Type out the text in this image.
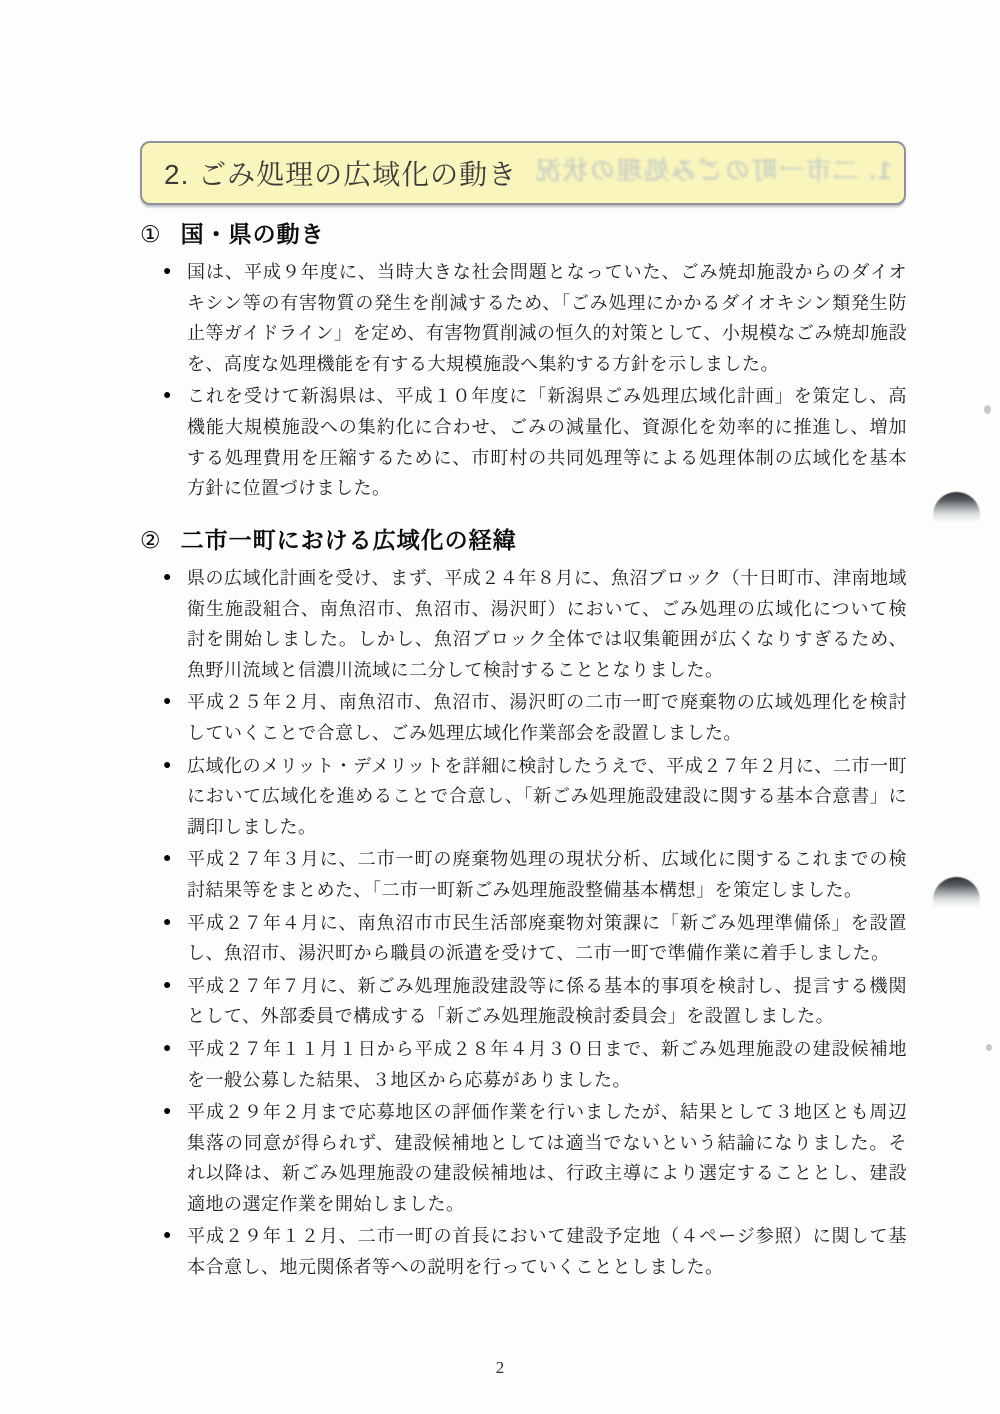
1. 二市一町のごみ処理の状況
2. ごみ処理の広域化の動き
① 国・県の動き
● 国は、平成９年度に、当時大きな社会問題となっていた、ごみ焼却施設からのダイオキシン等の有害物質の発生を削減するため、「ごみ処理にかかるダイオキシン類発生防止等ガイドライン」を定め、有害物質削減の恒久的対策として、小規模なごみ焼却施設を、高度な処理機能を有する大規模施設へ集約する方針を示しました。

● これを受けて新潟県は、平成１０年度に「新潟県ごみ処理広域化計画」を策定し、高機能大規模施設への集約化に合わせ、ごみの減量化、資源化を効率的に推進し、増加する処理費用を圧縮するために、市町村の共同処理等による処理体制の広域化を基本方針に位置づけました。

② 二市一町における広域化の経緯
● 県の広域化計画を受け、まず、平成２４年８月に、魚沼ブロック（十日町市、津南地域衛生施設組合、南魚沼市、魚沼市、湯沢町）において、ごみ処理の広域化について検討を開始しました。しかし、魚沼ブロック全体では収集範囲が広くなりすぎるため、魚野川流域と信濃川流域に二分して検討することとなりました。

● 平成２５年２月、南魚沼市、魚沼市、湯沢町の二市一町で廃棄物の広域処理化を検討していくことで合意し、ごみ処理広域化作業部会を設置しました。

● 広域化のメリット・デメリットを詳細に検討したうえで、平成２７年２月に、二市一町において広域化を進めることで合意し、「新ごみ処理施設建設に関する基本合意書」に調印しました。

● 平成２７年３月に、二市一町の廃棄物処理の現状分析、広域化に関するこれまでの検討結果等をまとめた、「二市一町新ごみ処理施設整備基本構想」を策定しました。

● 平成２７年４月に、南魚沼市市民生活部廃棄物対策課に「新ごみ処理準備係」を設置し、魚沼市、湯沢町から職員の派遣を受けて、二市一町で準備作業に着手しました。

● 平成２７年７月に、新ごみ処理施設建設等に係る基本的事項を検討し、提言する機関として、外部委員で構成する「新ごみ処理施設検討委員会」を設置しました。

● 平成２７年１１月１日から平成２８年４月３０日まで、新ごみ処理施設の建設候補地を一般公募した結果、３地区から応募がありました。

● 平成２９年２月まで応募地区の評価作業を行いましたが、結果として３地区とも周辺集落の同意が得られず、建設候補地としては適当でないという結論になりました。それ以降は、新ごみ処理施設の建設候補地は、行政主導により選定することとし、建設適地の選定作業を開始しました。

● 平成２９年１２月、二市一町の首長において建設予定地（４ページ参照）に関して基本合意し、地元関係者等への説明を行っていくこととしました。

2
